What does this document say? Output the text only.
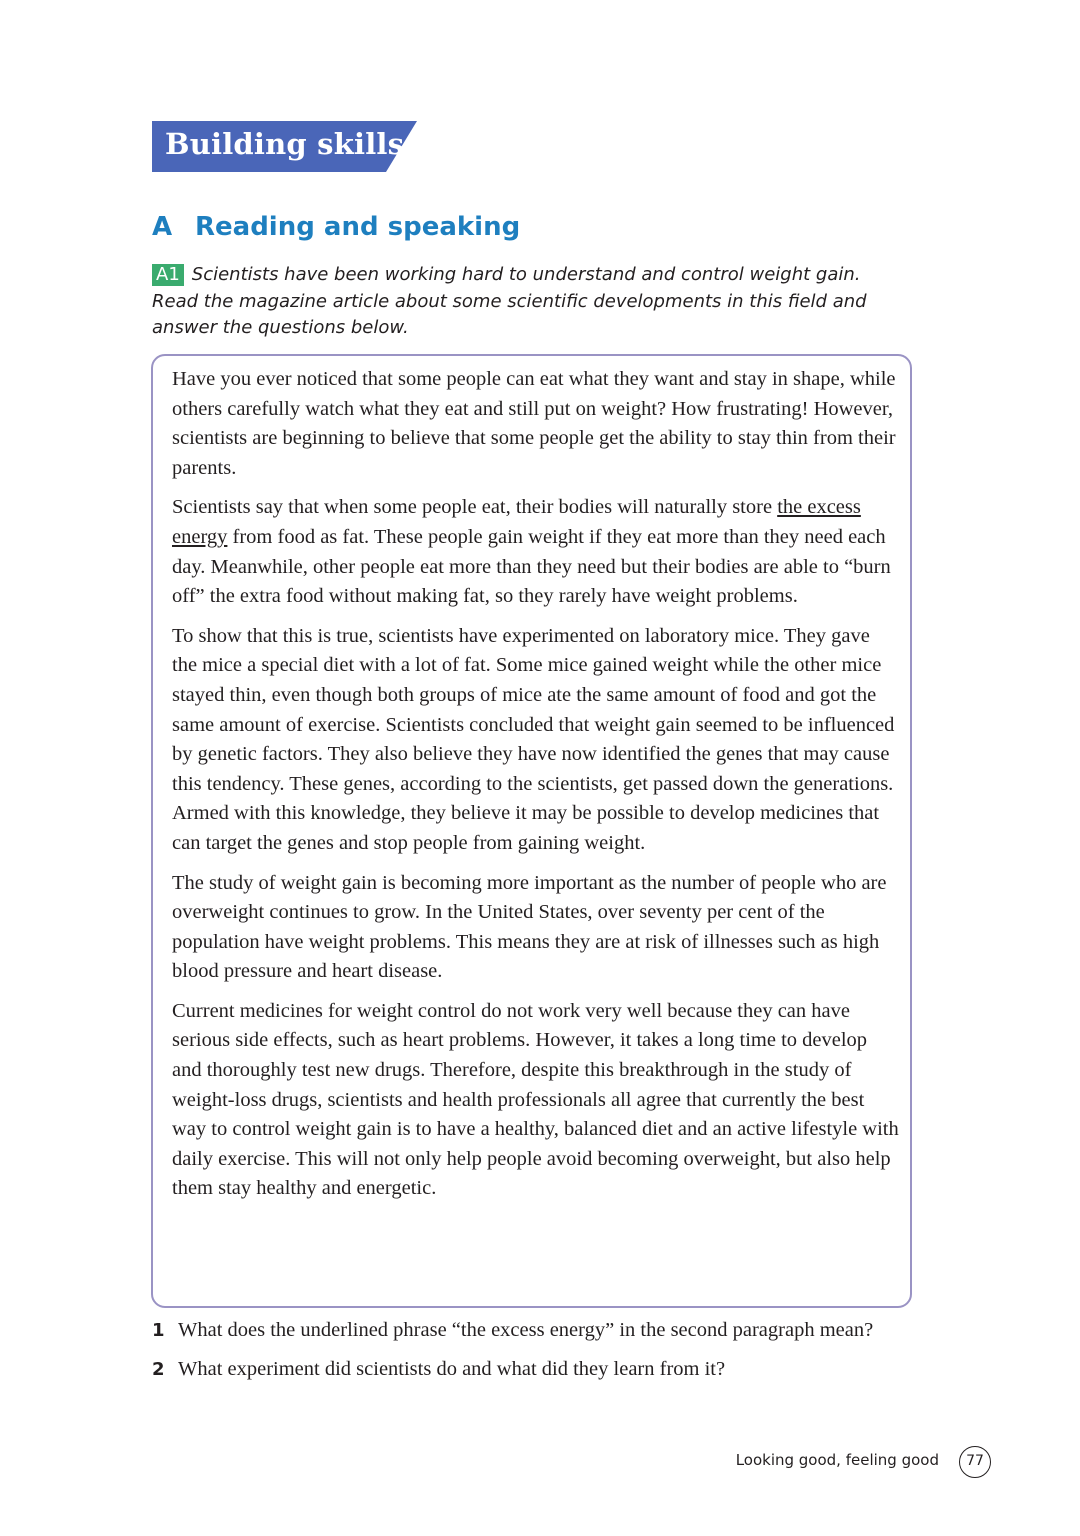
Building skills
A Reading and speaking
A1 Scientists have been working hard to understand and control weight gain. Read the magazine article about some scientific developments in this field and answer the questions below.

Have you ever noticed that some people can eat what they want and stay in shape, while others carefully watch what they eat and still put on weight? How frustrating! However, scientists are beginning to believe that some people get the ability to stay thin from their parents.

Scientists say that when some people eat, their bodies will naturally store the excess energy from food as fat. These people gain weight if they eat more than they need each day. Meanwhile, other people eat more than they need but their bodies are able to “burn off” the extra food without making fat, so they rarely have weight problems.

To show that this is true, scientists have experimented on laboratory mice. They gave the mice a special diet with a lot of fat. Some mice gained weight while the other mice stayed thin, even though both groups of mice ate the same amount of food and got the same amount of exercise. Scientists concluded that weight gain seemed to be influenced by genetic factors. They also believe they have now identified the genes that may cause this tendency. These genes, according to the scientists, get passed down the generations. Armed with this knowledge, they believe it may be possible to develop medicines that can target the genes and stop people from gaining weight.

The study of weight gain is becoming more important as the number of people who are overweight continues to grow. In the United States, over seventy per cent of the population have weight problems. This means they are at risk of illnesses such as high blood pressure and heart disease.

Current medicines for weight control do not work very well because they can have serious side effects, such as heart problems. However, it takes a long time to develop and thoroughly test new drugs. Therefore, despite this breakthrough in the study of weight-loss drugs, scientists and health professionals all agree that currently the best way to control weight gain is to have a healthy, balanced diet and an active lifestyle with daily exercise. This will not only help people avoid becoming overweight, but also help them stay healthy and energetic.

1 What does the underlined phrase “the excess energy” in the second paragraph mean?
2 What experiment did scientists do and what did they learn from it?
Looking good, feeling good	77
